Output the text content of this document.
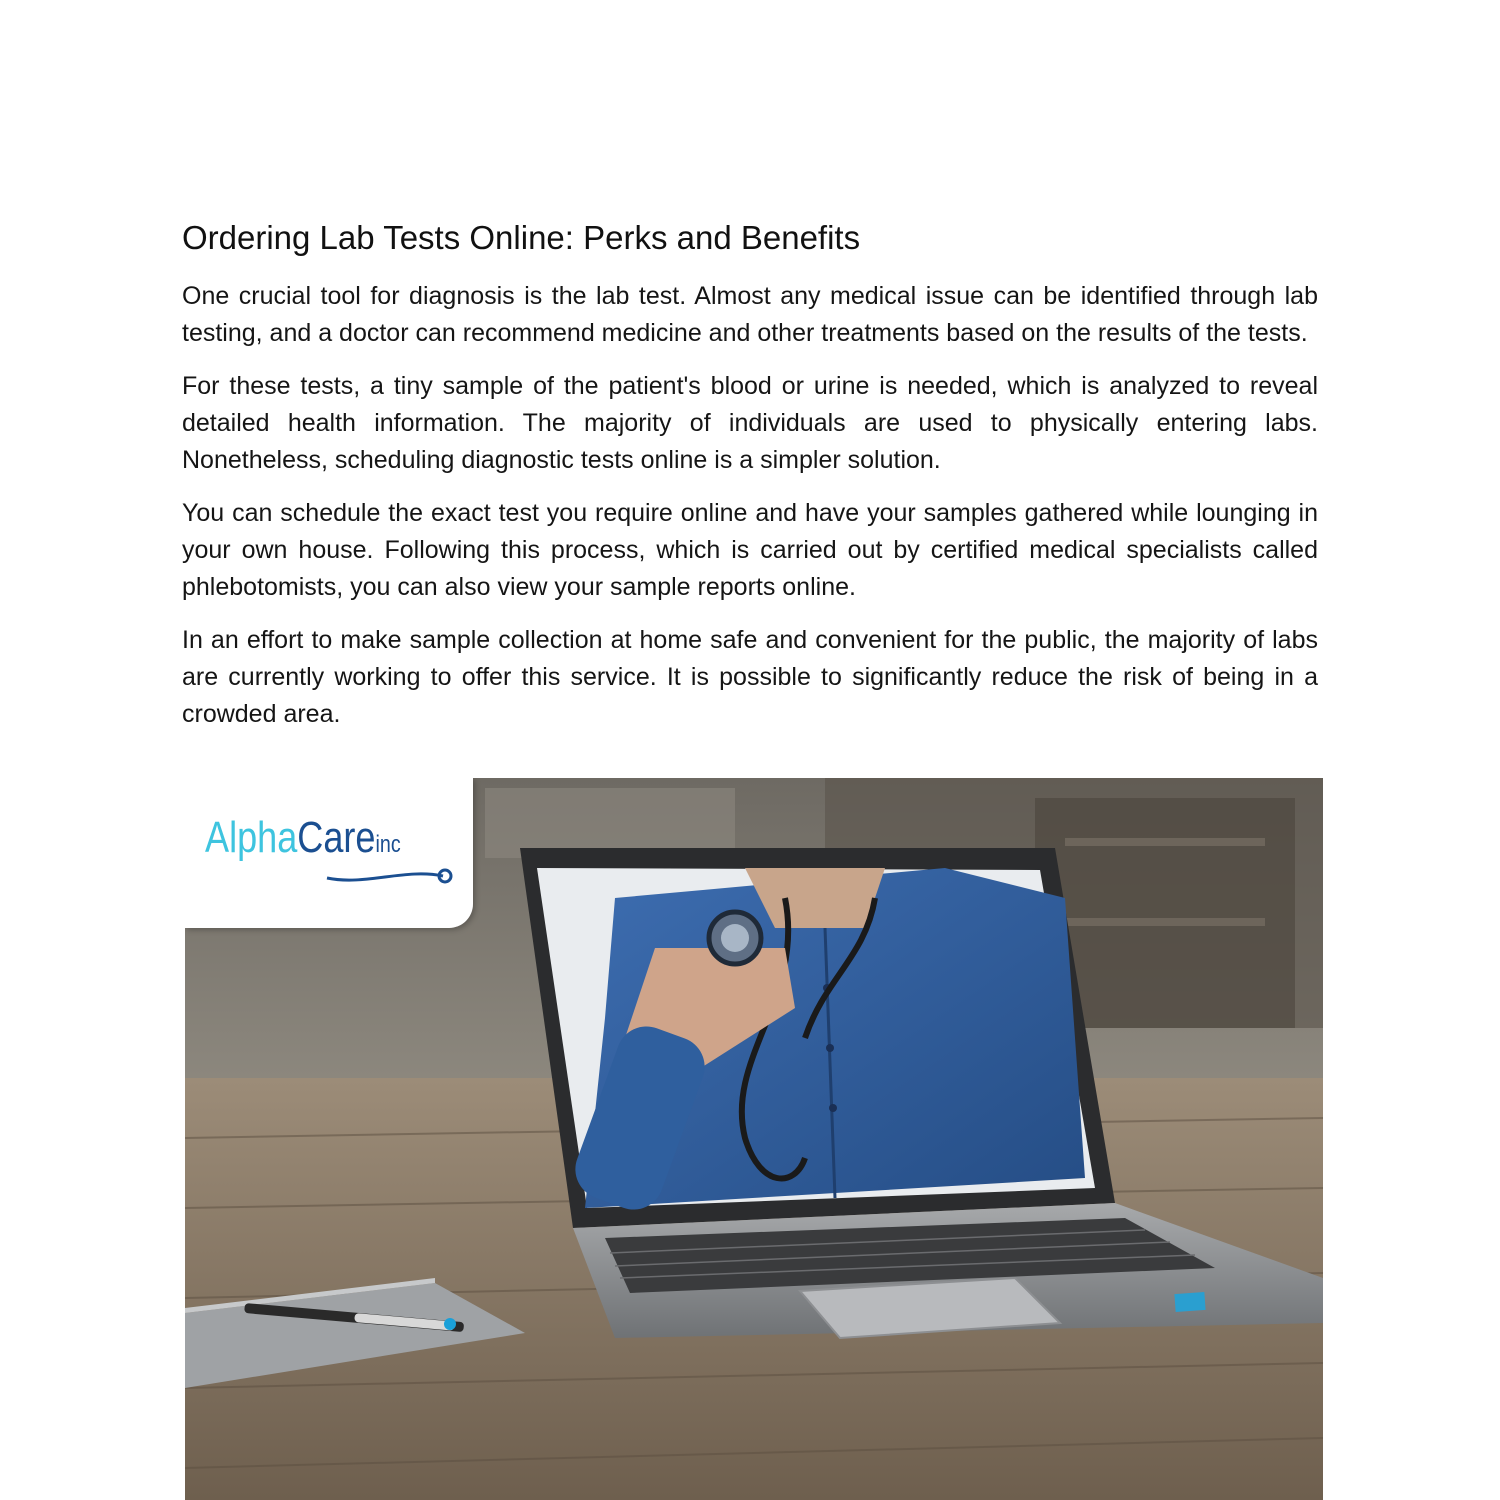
Ordering Lab Tests Online: Perks and Benefits

One crucial tool for diagnosis is the lab test. Almost any medical issue can be identified through lab testing, and a doctor can recommend medicine and other treatments based on the results of the tests.

For these tests, a tiny sample of the patient's blood or urine is needed, which is analyzed to reveal detailed health information. The majority of individuals are used to physically entering labs. Nonetheless, scheduling diagnostic tests online is a simpler solution.

You can schedule the exact test you require online and have your samples gathered while lounging in your own house. Following this process, which is carried out by certified medical specialists called phlebotomists, you can also view your sample reports online.

In an effort to make sample collection at home safe and convenient for the public, the majority of labs are currently working to offer this service. It is possible to significantly reduce the risk of being in a crowded area.

AlphaCareinc
